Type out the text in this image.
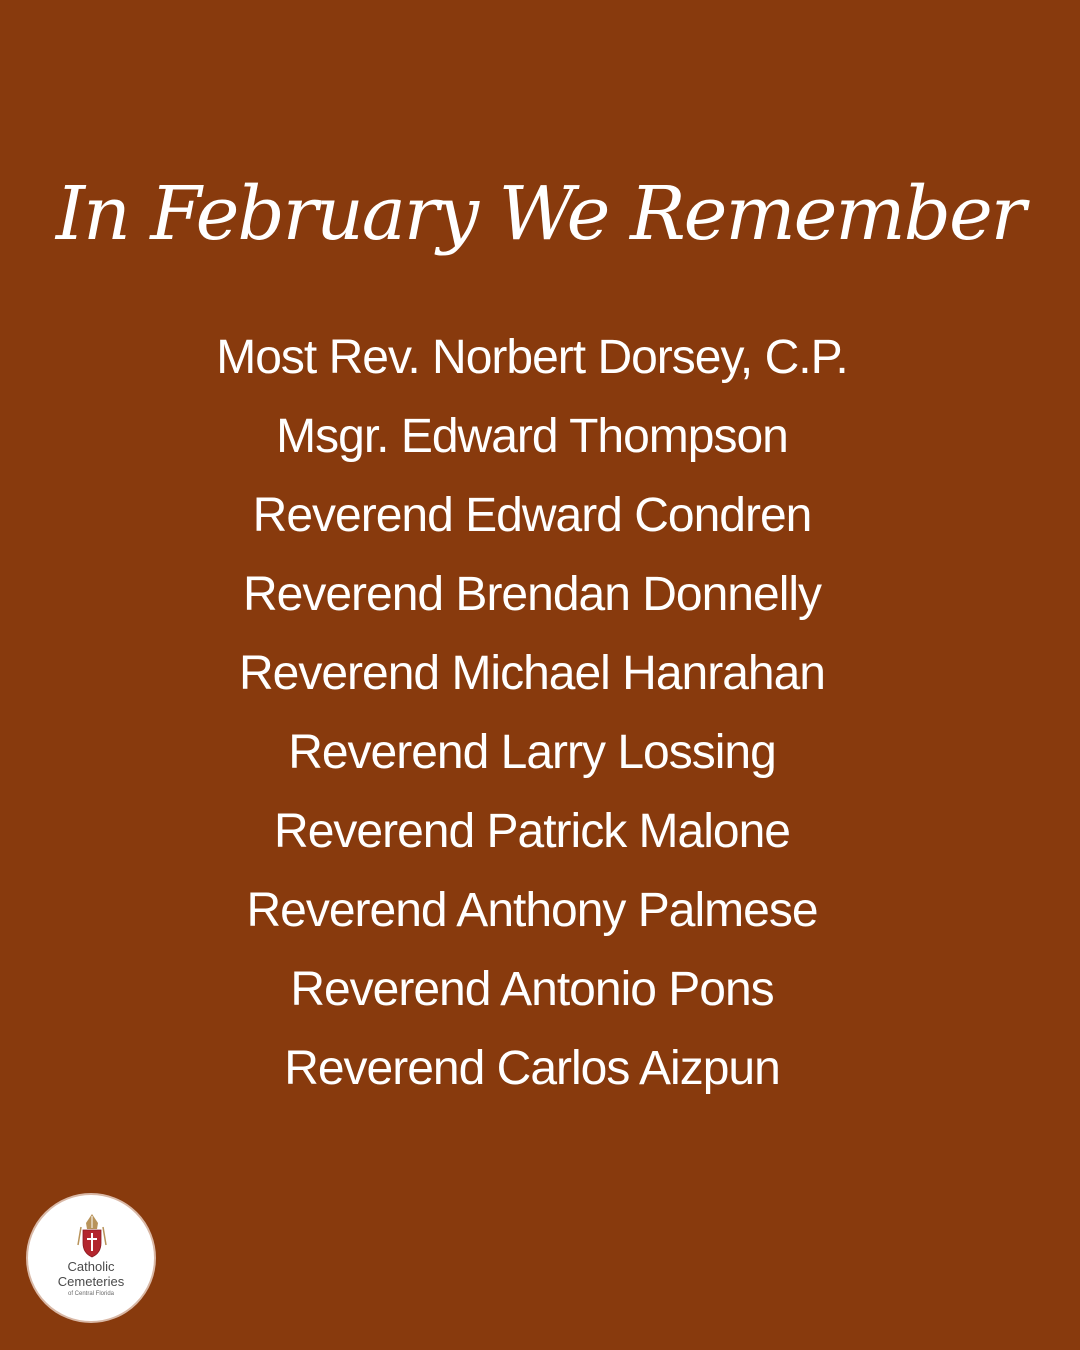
In February We Remember
Most Rev. Norbert Dorsey, C.P.
Msgr. Edward Thompson
Reverend Edward Condren
Reverend Brendan Donnelly
Reverend Michael Hanrahan
Reverend Larry Lossing
Reverend Patrick Malone
Reverend Anthony Palmese
Reverend Antonio Pons
Reverend Carlos Aizpun
Catholic
Cemeteries
of Central Florida
